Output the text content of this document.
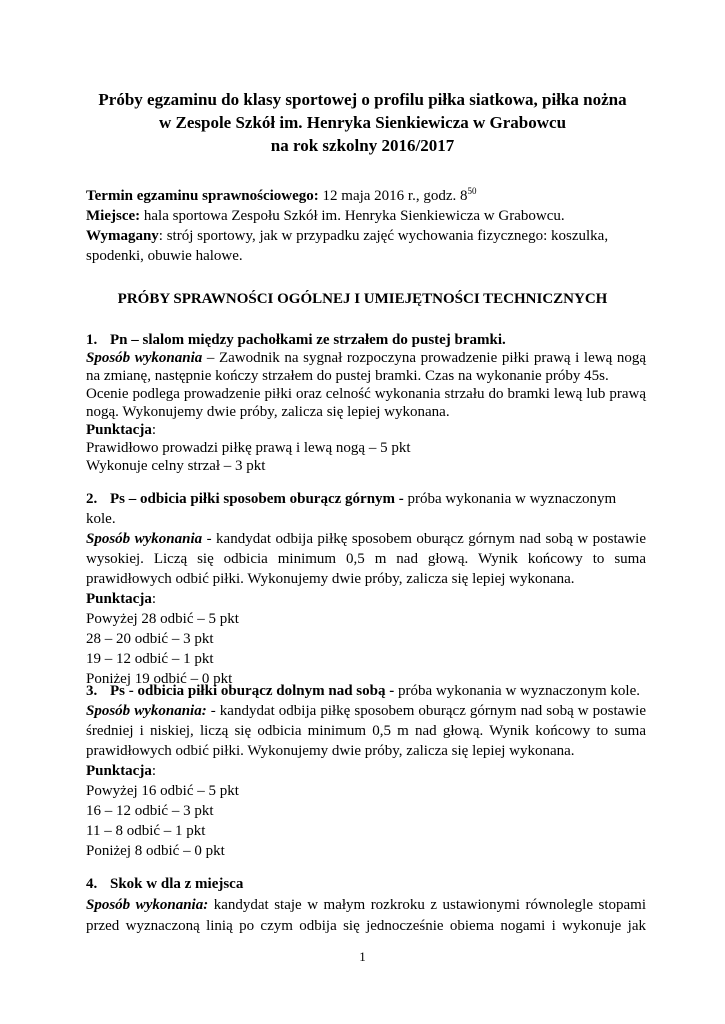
Próby egzaminu do klasy sportowej o profilu piłka siatkowa, piłka nożna
w Zespole Szkół im. Henryka Sienkiewicza w Grabowcu
na rok szkolny 2016/2017

Termin egzaminu sprawnościowego: 12 maja 2016 r., godz. $8^{50}$

Miejsce: hala sportowa Zespołu Szkół im. Henryka Sienkiewicza w Grabowcu.

Wymagany: strój sportowy, jak w przypadku zajęć wychowania fizycznego: koszulka, spodenki, obuwie halowe.

PRÓBY SPRAWNOŚCI OGÓLNEJ I UMIEJĘTNOŚCI TECHNICZNYCH

1. Pn – slalom między pachołkami ze strzałem do pustej bramki.

Sposób wykonania – Zawodnik na sygnał rozpoczyna prowadzenie piłki prawą i lewą nogą na zmianę, następnie kończy strzałem do pustej bramki. Czas na wykonanie próby 45s.

Ocenie podlega prowadzenie piłki oraz celność wykonania strzału do bramki lewą lub prawą nogą. Wykonujemy dwie próby, zalicza się lepiej wykonana.

Punktacja:

Prawidłowo prowadzi piłkę prawą i lewą nogą – 5 pkt

Wykonuje celny strzał – 3 pkt

2. Ps – odbicia piłki sposobem oburącz górnym - próba wykonania w wyznaczonym kole.

Sposób wykonania - kandydat odbija piłkę sposobem oburącz górnym nad sobą w postawie wysokiej. Liczą się odbicia minimum 0,5 m nad głową. Wynik końcowy to suma prawidłowych odbić piłki. Wykonujemy dwie próby, zalicza się lepiej wykonana.

Punktacja:

Powyżej 28 odbić – 5 pkt

28 – 20 odbić – 3 pkt

19 – 12 odbić – 1 pkt

Poniżej 19 odbić – 0 pkt

3. Ps - odbicia piłki oburącz dolnym nad sobą - próba wykonania w wyznaczonym kole.

Sposób wykonania: - kandydat odbija piłkę sposobem oburącz górnym nad sobą w postawie średniej i niskiej, liczą się odbicia minimum 0,5 m nad głową. Wynik końcowy to suma prawidłowych odbić piłki. Wykonujemy dwie próby, zalicza się lepiej wykonana.

Punktacja:

Powyżej 16 odbić – 5 pkt

16 – 12 odbić – 3 pkt

11 – 8 odbić – 1 pkt

Poniżej 8 odbić – 0 pkt

4. Skok w dla z miejsca

Sposób wykonania: kandydat staje w małym rozkroku z ustawionymi równolegle stopami przed wyznaczoną linią po czym odbija się jednocześnie obiema nogami i wykonuje jak

1
